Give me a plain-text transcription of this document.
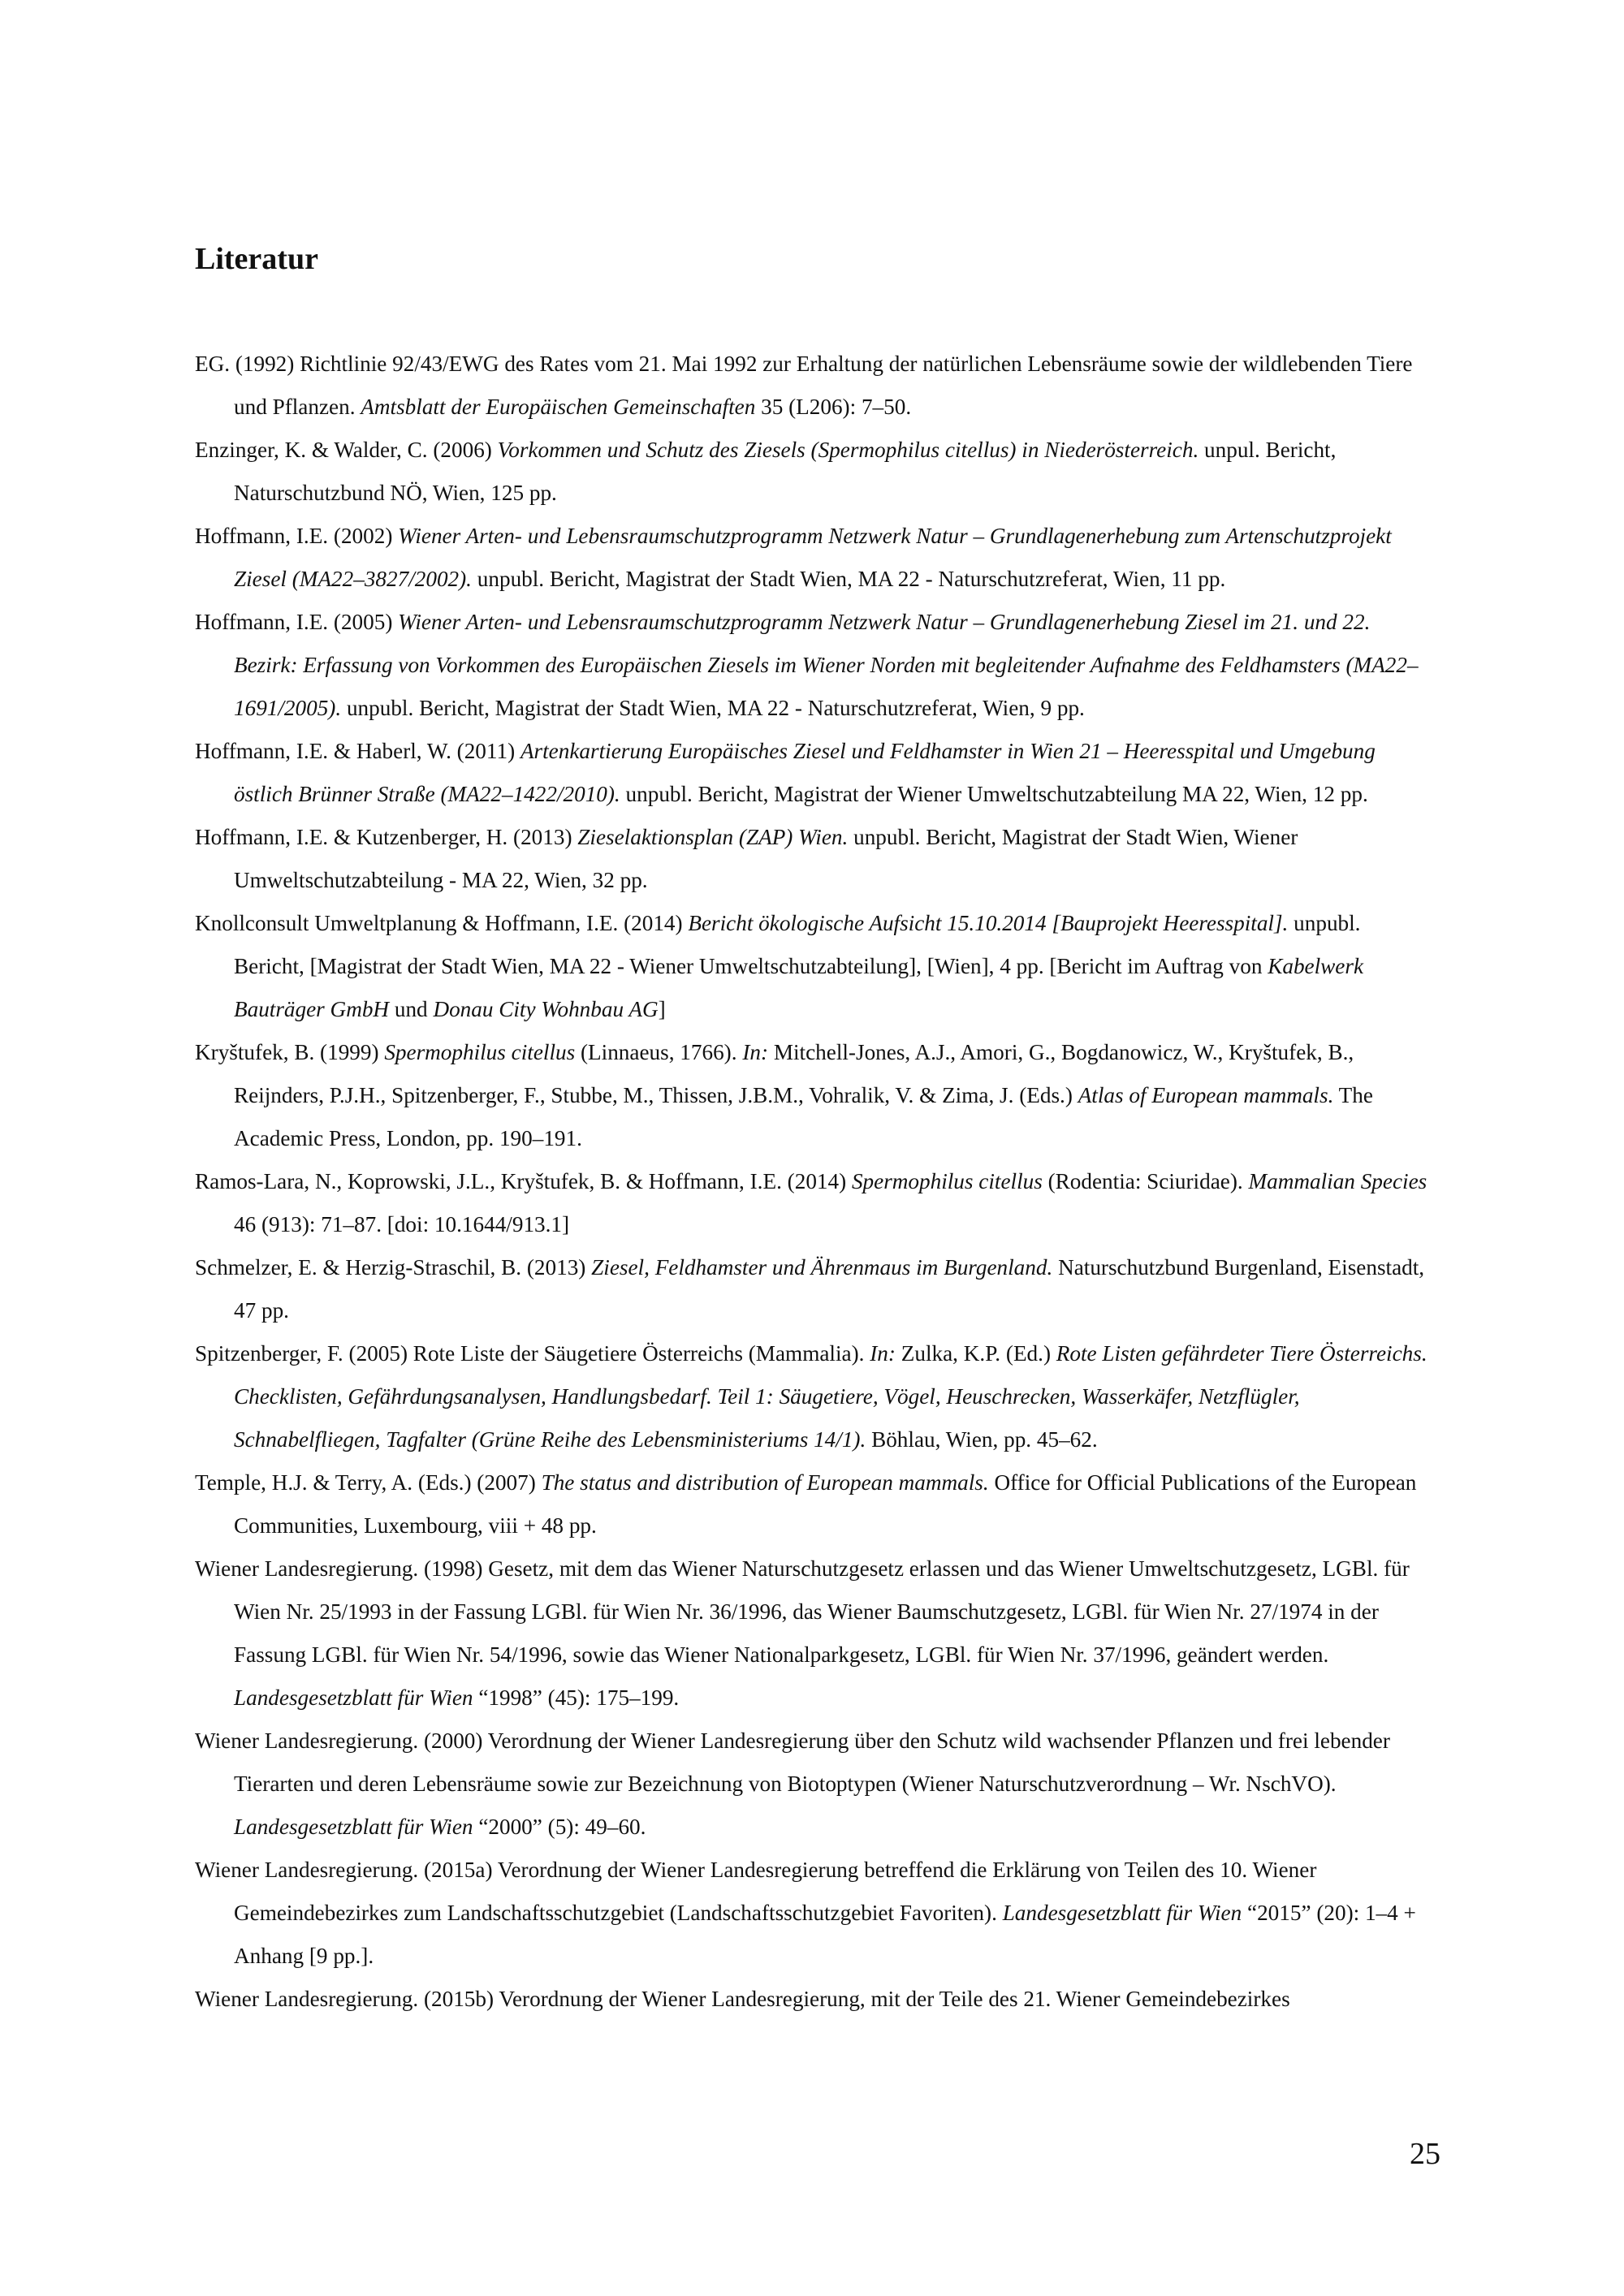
Literatur
EG. (1992) Richtlinie 92/43/EWG des Rates vom 21. Mai 1992 zur Erhaltung der natürlichen Lebensräume sowie der wildlebenden Tiere und Pflanzen. Amtsblatt der Europäischen Gemeinschaften 35 (L206): 7–50.
Enzinger, K. & Walder, C. (2006) Vorkommen und Schutz des Ziesels (Spermophilus citellus) in Niederösterreich. unpul. Bericht, Naturschutzbund NÖ, Wien, 125 pp.
Hoffmann, I.E. (2002) Wiener Arten- und Lebensraumschutzprogramm Netzwerk Natur – Grundlagenerhebung zum Artenschutzprojekt Ziesel (MA22–3827/2002). unpubl. Bericht, Magistrat der Stadt Wien, MA 22 - Naturschutzreferat, Wien, 11 pp.
Hoffmann, I.E. (2005) Wiener Arten- und Lebensraumschutzprogramm Netzwerk Natur – Grundlagenerhebung Ziesel im 21. und 22. Bezirk: Erfassung von Vorkommen des Europäischen Ziesels im Wiener Norden mit begleitender Aufnahme des Feldhamsters (MA22–1691/2005). unpubl. Bericht, Magistrat der Stadt Wien, MA 22 - Naturschutzreferat, Wien, 9 pp.
Hoffmann, I.E. & Haberl, W. (2011) Artenkartierung Europäisches Ziesel und Feldhamster in Wien 21 – Heeresspital und Umgebung östlich Brünner Straße (MA22–1422/2010). unpubl. Bericht, Magistrat der Wiener Umweltschutzabteilung MA 22, Wien, 12 pp.
Hoffmann, I.E. & Kutzenberger, H. (2013) Zieselaktionsplan (ZAP) Wien. unpubl. Bericht, Magistrat der Stadt Wien, Wiener Umweltschutzabteilung - MA 22, Wien, 32 pp.
Knollconsult Umweltplanung & Hoffmann, I.E. (2014) Bericht ökologische Aufsicht 15.10.2014 [Bauprojekt Heeresspital]. unpubl. Bericht, [Magistrat der Stadt Wien, MA 22 - Wiener Umweltschutzabteilung], [Wien], 4 pp. [Bericht im Auftrag von Kabelwerk Bauträger GmbH und Donau City Wohnbau AG]
Kryštufek, B. (1999) Spermophilus citellus (Linnaeus, 1766). In: Mitchell-Jones, A.J., Amori, G., Bogdanowicz, W., Kryštufek, B., Reijnders, P.J.H., Spitzenberger, F., Stubbe, M., Thissen, J.B.M., Vohralik, V. & Zima, J. (Eds.) Atlas of European mammals. The Academic Press, London, pp. 190–191.
Ramos-Lara, N., Koprowski, J.L., Kryštufek, B. & Hoffmann, I.E. (2014) Spermophilus citellus (Rodentia: Sciuridae). Mammalian Species 46 (913): 71–87. [doi: 10.1644/913.1]
Schmelzer, E. & Herzig-Straschil, B. (2013) Ziesel, Feldhamster und Ährenmaus im Burgenland. Naturschutzbund Burgenland, Eisenstadt, 47 pp.
Spitzenberger, F. (2005) Rote Liste der Säugetiere Österreichs (Mammalia). In: Zulka, K.P. (Ed.) Rote Listen gefährdeter Tiere Österreichs. Checklisten, Gefährdungsanalysen, Handlungsbedarf. Teil 1: Säugetiere, Vögel, Heuschrecken, Wasserkäfer, Netzflügler, Schnabelfliegen, Tagfalter (Grüne Reihe des Lebensministeriums 14/1). Böhlau, Wien, pp. 45–62.
Temple, H.J. & Terry, A. (Eds.) (2007) The status and distribution of European mammals. Office for Official Publications of the European Communities, Luxembourg, viii + 48 pp.
Wiener Landesregierung. (1998) Gesetz, mit dem das Wiener Naturschutzgesetz erlassen und das Wiener Umweltschutzgesetz, LGBl. für Wien Nr. 25/1993 in der Fassung LGBl. für Wien Nr. 36/1996, das Wiener Baumschutzgesetz, LGBl. für Wien Nr. 27/1974 in der Fassung LGBl. für Wien Nr. 54/1996, sowie das Wiener Nationalparkgesetz, LGBl. für Wien Nr. 37/1996, geändert werden. Landesgesetzblatt für Wien “1998” (45): 175–199.
Wiener Landesregierung. (2000) Verordnung der Wiener Landesregierung über den Schutz wild wachsender Pflanzen und frei lebender Tierarten und deren Lebensräume sowie zur Bezeichnung von Biotoptypen (Wiener Naturschutzverordnung – Wr. NschVO). Landesgesetzblatt für Wien “2000” (5): 49–60.
Wiener Landesregierung. (2015a) Verordnung der Wiener Landesregierung betreffend die Erklärung von Teilen des 10. Wiener Gemeindebezirkes zum Landschaftsschutzgebiet (Landschaftsschutzgebiet Favoriten). Landesgesetzblatt für Wien “2015” (20): 1–4 + Anhang [9 pp.].
Wiener Landesregierung. (2015b) Verordnung der Wiener Landesregierung, mit der Teile des 21. Wiener Gemeindebezirkes
25
